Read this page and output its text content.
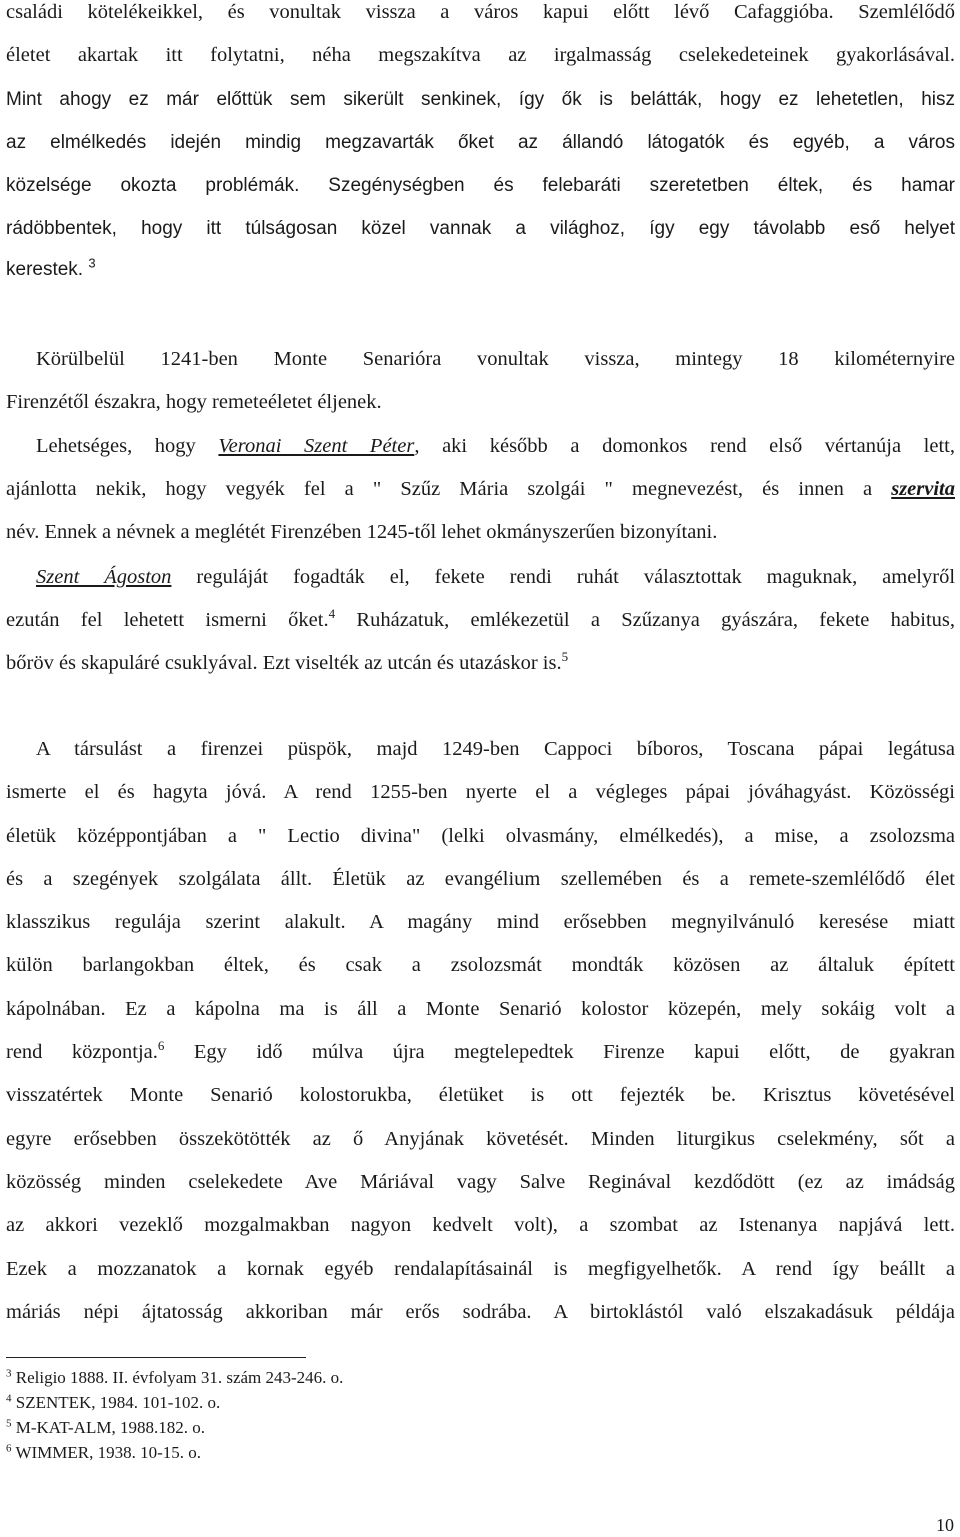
családi kötelékeikkel, és vonultak vissza a város kapui előtt lévő Cafaggióba. Szemlélődő
életet akartak itt folytatni, néha megszakítva az irgalmasság cselekedeteinek gyakorlásával.
Mint ahogy ez már előttük sem sikerült senkinek, így ők is belátták, hogy ez lehetetlen, hisz
az elmélkedés idején mindig megzavarták őket az állandó látogatók és egyéb, a város
közelsége okozta problémák. Szegénységben és felebaráti szeretetben éltek, és hamar
rádöbbentek, hogy itt túlságosan közel vannak a világhoz, így egy távolabb eső helyet
kerestek. $^3$
Körülbelül 1241-ben Monte Senarióra vonultak vissza, mintegy 18 kilométernyire
Firenzétől északra, hogy remeteéletet éljenek.
Lehetséges, hogy Veronai Szent Péter, aki később a domonkos rend első vértanúja lett,
ajánlotta nekik, hogy vegyék fel a " Szűz Mária szolgái " megnevezést, és innen a szervita
név. Ennek a névnek a meglétét Firenzében 1245-től lehet okmányszerűen bizonyítani.
Szent Ágoston reguláját fogadták el, fekete rendi ruhát választottak maguknak, amelyről
ezután fel lehetett ismerni őket.$^4$ Ruházatuk, emlékezetül a Szűzanya gyászára, fekete habitus,
bőröv és skapuláré csuklyával. Ezt viselték az utcán és utazáskor is.$^5$
A társulást a firenzei püspök, majd 1249-ben Cappoci bíboros, Toscana pápai legátusa
ismerte el és hagyta jóvá. A rend 1255-ben nyerte el a végleges pápai jóváhagyást. Közösségi
életük középpontjában a " Lectio divina" (lelki olvasmány, elmélkedés), a mise, a zsolozsma
és a szegények szolgálata állt. Életük az evangélium szellemében és a remete-szemlélődő élet
klasszikus regulája szerint alakult. A magány mind erősebben megnyilvánuló keresése miatt
külön barlangokban éltek, és csak a zsolozsmát mondták közösen az általuk épített
kápolnában. Ez a kápolna ma is áll a Monte Senarió kolostor közepén, mely sokáig volt a
rend központja.$^6$ Egy idő múlva újra megtelepedtek Firenze kapui előtt, de gyakran
visszatértek Monte Senarió kolostorukba, életüket is ott fejezték be. Krisztus követésével
egyre erősebben összekötötték az ő Anyjának követését. Minden liturgikus cselekmény, sőt a
közösség minden cselekedete Ave Máriával vagy Salve Reginával kezdődött (ez az imádság
az akkori vezeklő mozgalmakban nagyon kedvelt volt), a szombat az Istenanya napjává lett.
Ezek a mozzanatok a kornak egyéb rendalapításainál is megfigyelhetők. A rend így beállt a
máriás népi ájtatosság akkoriban már erős sodrába. A birtoklástól való elszakadásuk példája
$^3$ Religio 1888. II. évfolyam 31. szám 243-246. o.
$^4$ SZENTEK, 1984. 101-102. o.
$^5$ M-KAT-ALM, 1988.182. o.
$^6$ WIMMER, 1938. 10-15. o.
10
